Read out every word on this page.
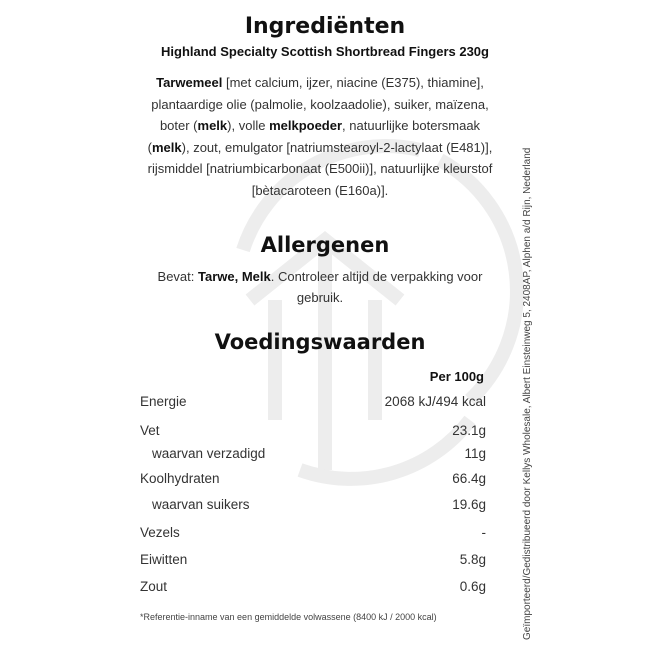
Ingrediënten
Highland Specialty Scottish Shortbread Fingers 230g
Tarwemeel [met calcium, ijzer, niacine (E375), thiamine], plantaardige olie (palmolie, koolzaadolie), suiker, maïzena, boter (melk), volle melkpoeder, natuurlijke botersmaak (melk), zout, emulgator [natriumstearoyl-2-lactylaat (E481)], rijsmiddel [natriumbicarbonaat (E500ii)], natuurlijke kleurstof [bètacaroteen (E160a)].
Allergenen
Bevat: Tarwe, Melk. Controleer altijd de verpakking voor gebruik.
Voedingswaarden
Per 100g
Energie	2068 kJ/494 kcal
Vet	23.1g
waarvan verzadigd	11g
Koolhydraten	66.4g
waarvan suikers	19.6g
Vezels	-
Eiwitten	5.8g
Zout	0.6g
*Referentie-inname van een gemiddelde volwassene (8400 kJ / 2000 kcal)	Geïmporteerd/Gedistribueerd door Kellys Wholesale, Albert Einsteinweg 5, 2408AP, Alphen a/d Rijn, Nederland
